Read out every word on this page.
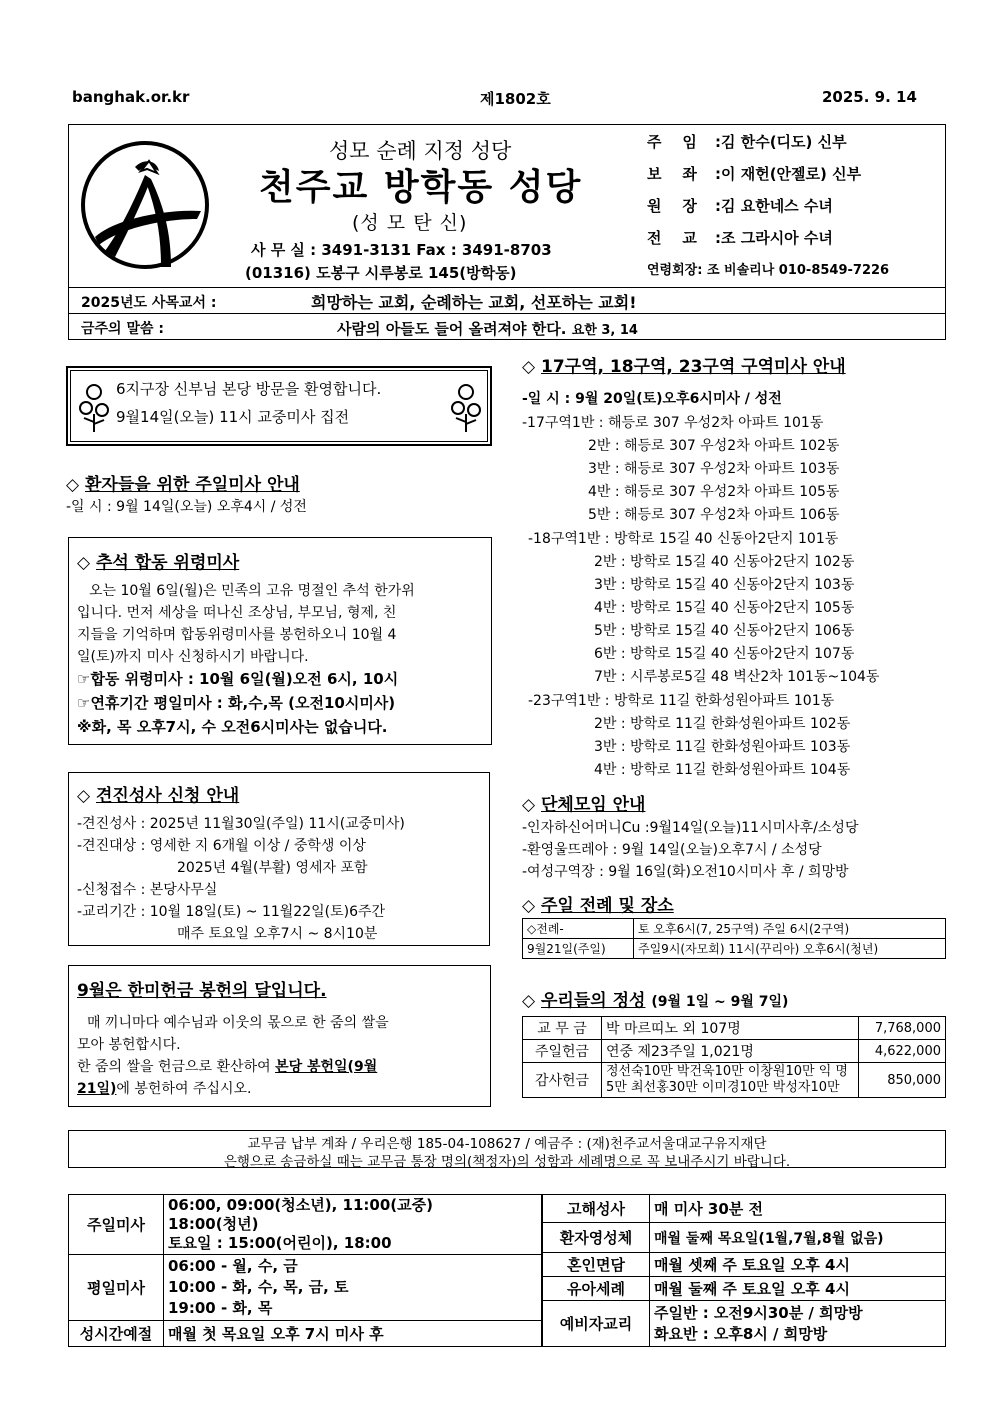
banghak.or.kr	제1802호	2025. 9. 14
성모 순례 지정 성당
천주교 방학동 성당
(성 모 탄 신)
사 무 실 : 3491-3131 Fax : 3491-8703
(01316) 도봉구 시루봉로 145(방학동)
주    임 :김 한수(디도) 신부
보    좌 :이 재헌(안젤로) 신부
원    장 :김 요한네스 수녀
전    교 :조 그라시아 수녀
연령회장: 조 비솔리나 010-8549-7226
2025년도 사목교서 :	희망하는 교회, 순례하는 교회, 선포하는 교회!
금주의 말씀 :	사람의 아들도 들어 올려져야 한다. 요한 3, 14
6지구장 신부님 본당 방문을 환영합니다.
9월14일(오늘) 11시 교중미사 집전
◇ 환자들을 위한 주일미사 안내
-일 시 : 9월 14일(오늘) 오후4시 / 성전
◇ 추석 합동 위령미사
오는 10월 6일(월)은 민족의 고유 명절인 추석 한가위
입니다. 먼저 세상을 떠나신 조상님, 부모님, 형제, 친
지들을 기억하며 합동위령미사를 봉헌하오니 10월 4
일(토)까지 미사 신청하시기 바랍니다.
☞합동 위령미사 : 10월 6일(월)오전 6시, 10시
☞연휴기간 평일미사 : 화,수,목 (오전10시미사)
※화, 목 오후7시, 수 오전6시미사는 없습니다.
◇ 견진성사 신청 안내
-견진성사 : 2025년 11월30일(주일) 11시(교중미사)
-견진대상 : 영세한 지 6개월 이상 / 중학생 이상
2025년 4월(부활) 영세자 포함
-신청접수 : 본당사무실
-교리기간 : 10월 18일(토) ~ 11월22일(토)6주간
매주 토요일 오후7시 ~ 8시10분
9월은 한미헌금 봉헌의 달입니다.
매 끼니마다 예수님과 이웃의 몫으로 한 줌의 쌀을
모아 봉헌합시다.
한 줌의 쌀을 헌금으로 환산하여 본당 봉헌일(9월
21일)에 봉헌하여 주십시오.
◇ 17구역, 18구역, 23구역 구역미사 안내
-일 시 : 9월 20일(토)오후6시미사 / 성전
-17구역1반 : 해등로 307 우성2차 아파트 101동
2반 : 해등로 307 우성2차 아파트 102동
3반 : 해등로 307 우성2차 아파트 103동
4반 : 해등로 307 우성2차 아파트 105동
5반 : 해등로 307 우성2차 아파트 106동
-18구역1반 : 방학로 15길 40 신동아2단지 101동
2반 : 방학로 15길 40 신동아2단지 102동
3반 : 방학로 15길 40 신동아2단지 103동
4반 : 방학로 15길 40 신동아2단지 105동
5반 : 방학로 15길 40 신동아2단지 106동
6반 : 방학로 15길 40 신동아2단지 107동
7반 : 시루봉로5길 48 벽산2차 101동~104동
-23구역1반 : 방학로 11길 한화성원아파트 101동
2반 : 방학로 11길 한화성원아파트 102동
3반 : 방학로 11길 한화성원아파트 103동
4반 : 방학로 11길 한화성원아파트 104동
◇ 단체모임 안내
-인자하신어머니Cu :9월14일(오늘)11시미사후/소성당
-환영울뜨레아 : 9월 14일(오늘)오후7시 / 소성당
-여성구역장 : 9월 16일(화)오전10시미사 후 / 희망방
◇ 주일 전례 및 장소
◇전례-	토 오후6시(7, 25구역) 주일 6시(2구역)
9월21일(주일)	주일9시(자모회) 11시(꾸리아) 오후6시(청년)
◇ 우리들의 정성 (9월 1일 ~ 9월 7일)
교 무 금	박 마르띠노 외 107명	7,768,000
주일헌금	연중 제23주일 1,021명	4,622,000
감사헌금	정선숙10만 박건욱10만 이창원10만 익 명 5만 최선홍30만 이미경10만 박성자10만	850,000
교무금 납부 계좌 / 우리은행 185-04-108627 / 예금주 : (재)천주교서울대교구유지재단
은행으로 송금하실 때는 교무금 통장 명의(책정자)의 성함과 세례명으로 꼭 보내주시기 바랍니다.
주일미사	06:00, 09:00(청소년), 11:00(교중)
18:00(청년)
토요일 : 15:00(어린이), 18:00

평일미사	06:00 - 월, 수, 금
10:00 - 화, 수, 목, 금, 토
19:00 - 화, 목

성시간예절	매월 첫 목요일 오후 7시 미사 후
고해성사	매 미사 30분 전
환자영성체	매월 둘째 목요일(1월,7월,8월 없음)
혼인면담	매월 셋째 주 토요일 오후 4시
유아세례	매월 둘째 주 토요일 오후 4시
예비자교리	주일반 : 오전9시30분 / 희망방
화요반 : 오후8시 / 희망방
